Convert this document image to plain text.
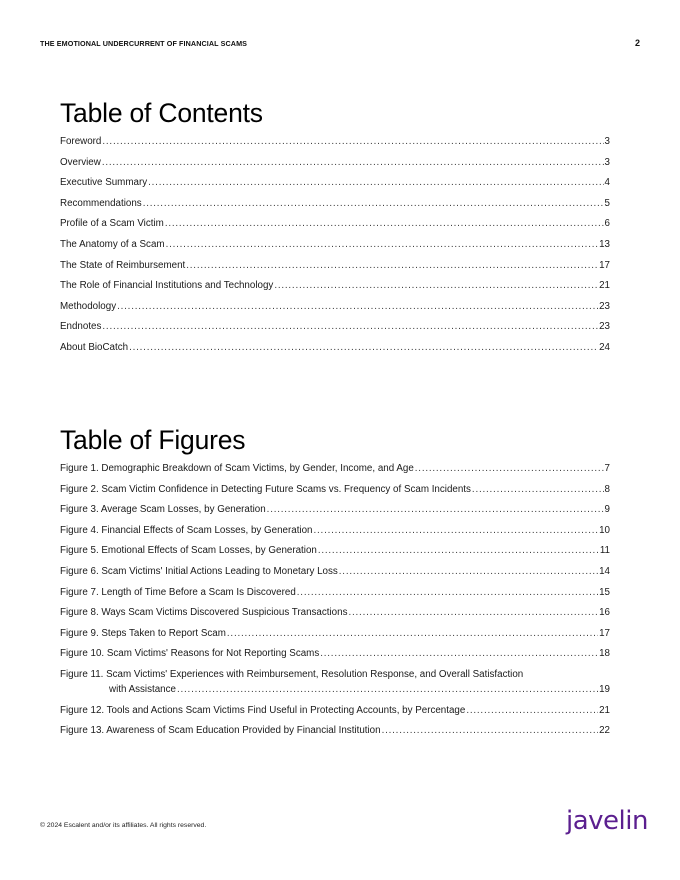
THE EMOTIONAL UNDERCURRENT OF FINANCIAL SCAMS	2
Table of Contents
Foreword .....	3
Overview .....	3
Executive Summary .....	4
Recommendations .....	5
Profile of a Scam Victim .....	6
The Anatomy of a Scam .....	13
The State of Reimbursement .....	17
The Role of Financial Institutions and Technology .....	21
Methodology .....	23
Endnotes .....	23
About BioCatch .....	24
Table of Figures
Figure 1. Demographic Breakdown of Scam Victims, by Gender, Income, and Age .....	7
Figure 2. Scam Victim Confidence in Detecting Future Scams vs. Frequency of Scam Incidents .....	8
Figure 3. Average Scam Losses, by Generation .....	9
Figure 4. Financial Effects of Scam Losses, by Generation .....	10
Figure 5. Emotional Effects of Scam Losses, by Generation .....	11
Figure 6. Scam Victims' Initial Actions Leading to Monetary Loss .....	14
Figure 7. Length of Time Before a Scam Is Discovered .....	15
Figure 8. Ways Scam Victims Discovered Suspicious Transactions .....	16
Figure 9. Steps Taken to Report Scam .....	17
Figure 10. Scam Victims' Reasons for Not Reporting Scams .....	18
Figure 11. Scam Victims' Experiences with Reimbursement, Resolution Response, and Overall Satisfaction
with Assistance .....	19
Figure 12. Tools and Actions Scam Victims Find Useful in Protecting Accounts, by Percentage .....	21
Figure 13. Awareness of Scam Education Provided by Financial Institution .....	22
© 2024 Escalent and/or its affiliates. All rights reserved.	javelin
